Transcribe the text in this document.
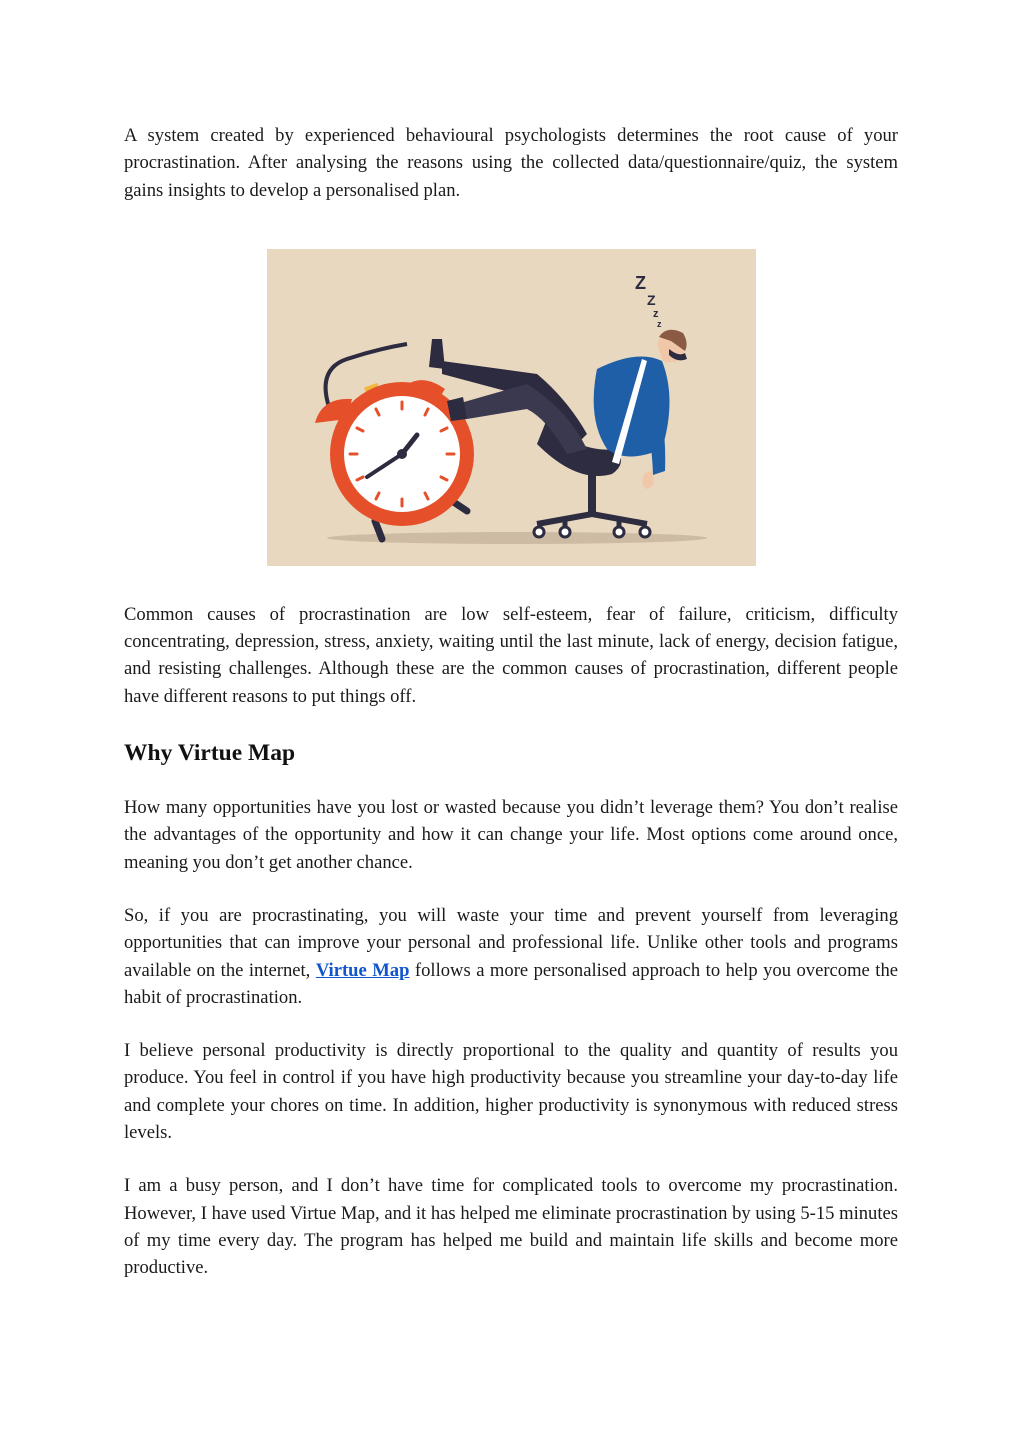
A system created by experienced behavioural psychologists determines the root cause of your procrastination. After analysing the reasons using the collected data/questionnaire/quiz, the system gains insights to develop a personalised plan.

Z
Z
z
z

Common causes of procrastination are low self-esteem, fear of failure, criticism, difficulty concentrating, depression, stress, anxiety, waiting until the last minute, lack of energy, decision fatigue, and resisting challenges. Although these are the common causes of procrastination, different people have different reasons to put things off.

Why Virtue Map

How many opportunities have you lost or wasted because you didn’t leverage them? You don’t realise the advantages of the opportunity and how it can change your life. Most options come around once, meaning you don’t get another chance.

So, if you are procrastinating, you will waste your time and prevent yourself from leveraging opportunities that can improve your personal and professional life. Unlike other tools and programs available on the internet, Virtue Map follows a more personalised approach to help you overcome the habit of procrastination.

I believe personal productivity is directly proportional to the quality and quantity of results you produce. You feel in control if you have high productivity because you streamline your day-to-day life and complete your chores on time. In addition, higher productivity is synonymous with reduced stress levels.

I am a busy person, and I don’t have time for complicated tools to overcome my procrastination. However, I have used Virtue Map, and it has helped me eliminate procrastination by using 5-15 minutes of my time every day. The program has helped me build and maintain life skills and become more productive.
